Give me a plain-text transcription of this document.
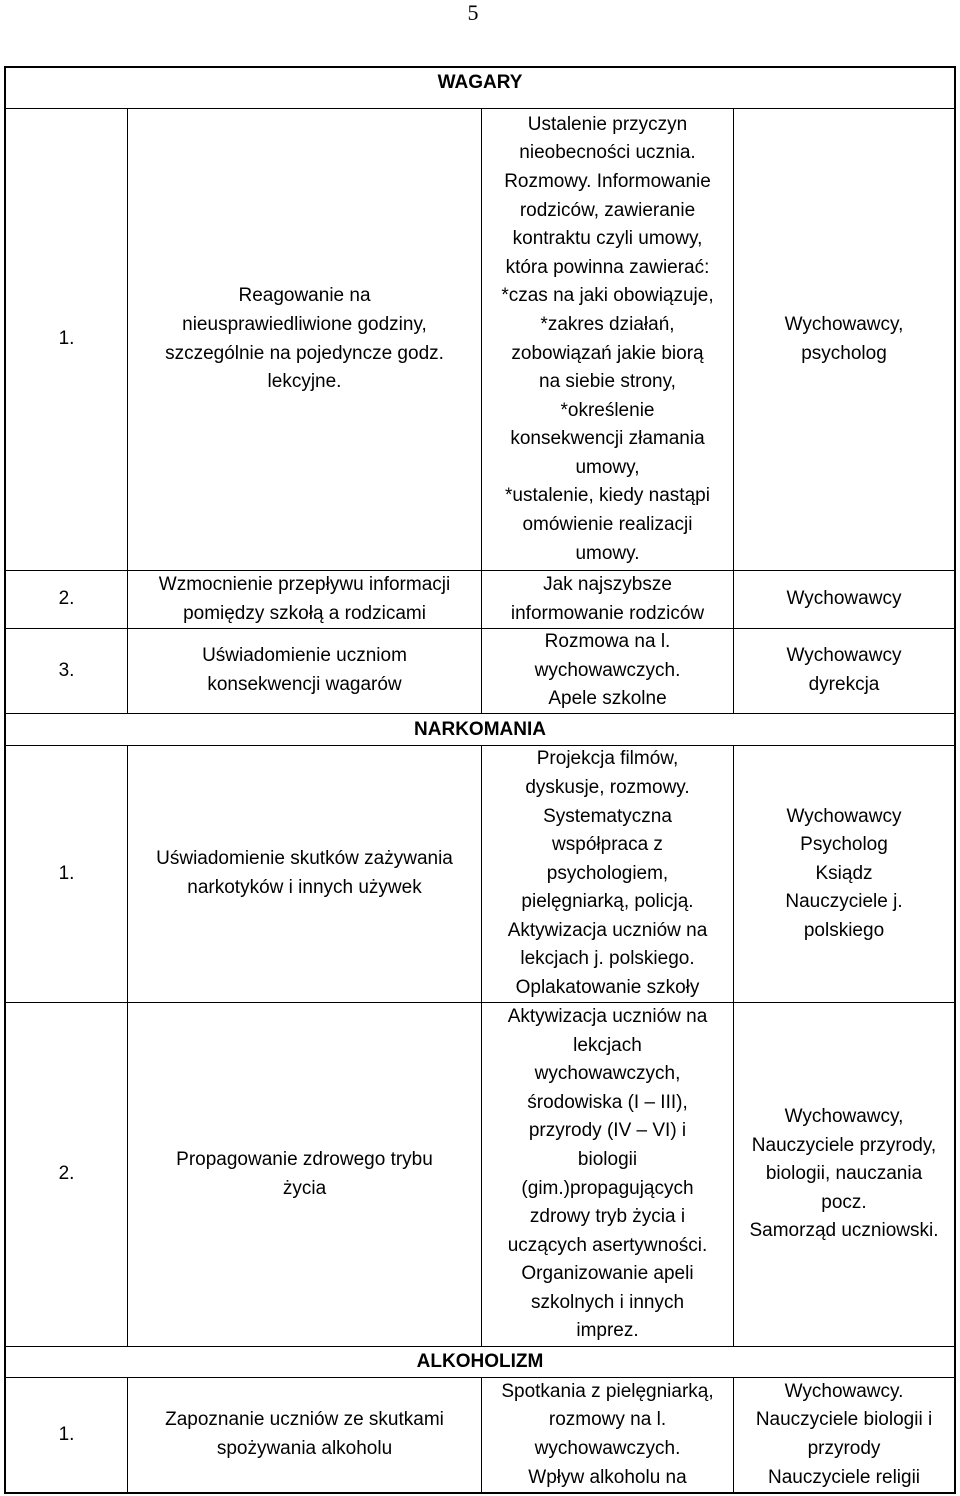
5
WAGARY
1.
Reagowanie na
nieusprawiedliwione godziny,
szczególnie na pojedyncze godz.
lekcyjne.
Ustalenie przyczyn
nieobecności ucznia.
Rozmowy. Informowanie
rodziców, zawieranie
kontraktu czyli umowy,
która powinna zawierać:
*czas na jaki obowiązuje,
*zakres działań,
zobowiązań jakie biorą
na siebie strony,
*określenie
konsekwencji złamania
umowy,
*ustalenie, kiedy nastąpi
omówienie realizacji
umowy.
Wychowawcy,
psycholog
2.
Wzmocnienie przepływu informacji
pomiędzy szkołą a rodzicami
Jak najszybsze
informowanie rodziców
Wychowawcy
3.
Uświadomienie uczniom
konsekwencji wagarów
Rozmowa na l.
wychowawczych.
Apele szkolne
Wychowawcy
dyrekcja
NARKOMANIA
1.
Uświadomienie skutków zażywania
narkotyków i innych używek
Projekcja filmów,
dyskusje, rozmowy.
Systematyczna
współpraca z
psychologiem,
pielęgniarką, policją.
Aktywizacja uczniów na
lekcjach j. polskiego.
Oplakatowanie szkoły
Wychowawcy
Psycholog
Ksiądz
Nauczyciele j.
polskiego
2.
Propagowanie zdrowego trybu
życia
Aktywizacja uczniów na
lekcjach
wychowawczych,
środowiska (I – III),
przyrody (IV – VI) i
biologii
(gim.)propagujących
zdrowy tryb życia i
uczących asertywności.
Organizowanie apeli
szkolnych i innych
imprez.
Wychowawcy,
Nauczyciele przyrody,
biologii, nauczania
pocz.
Samorząd uczniowski.
ALKOHOLIZM
1.
Zapoznanie uczniów ze skutkami
spożywania alkoholu
Spotkania z pielęgniarką,
rozmowy na l.
wychowawczych.
Wpływ alkoholu na
Wychowawcy.
Nauczyciele biologii i
przyrody
Nauczyciele religii
